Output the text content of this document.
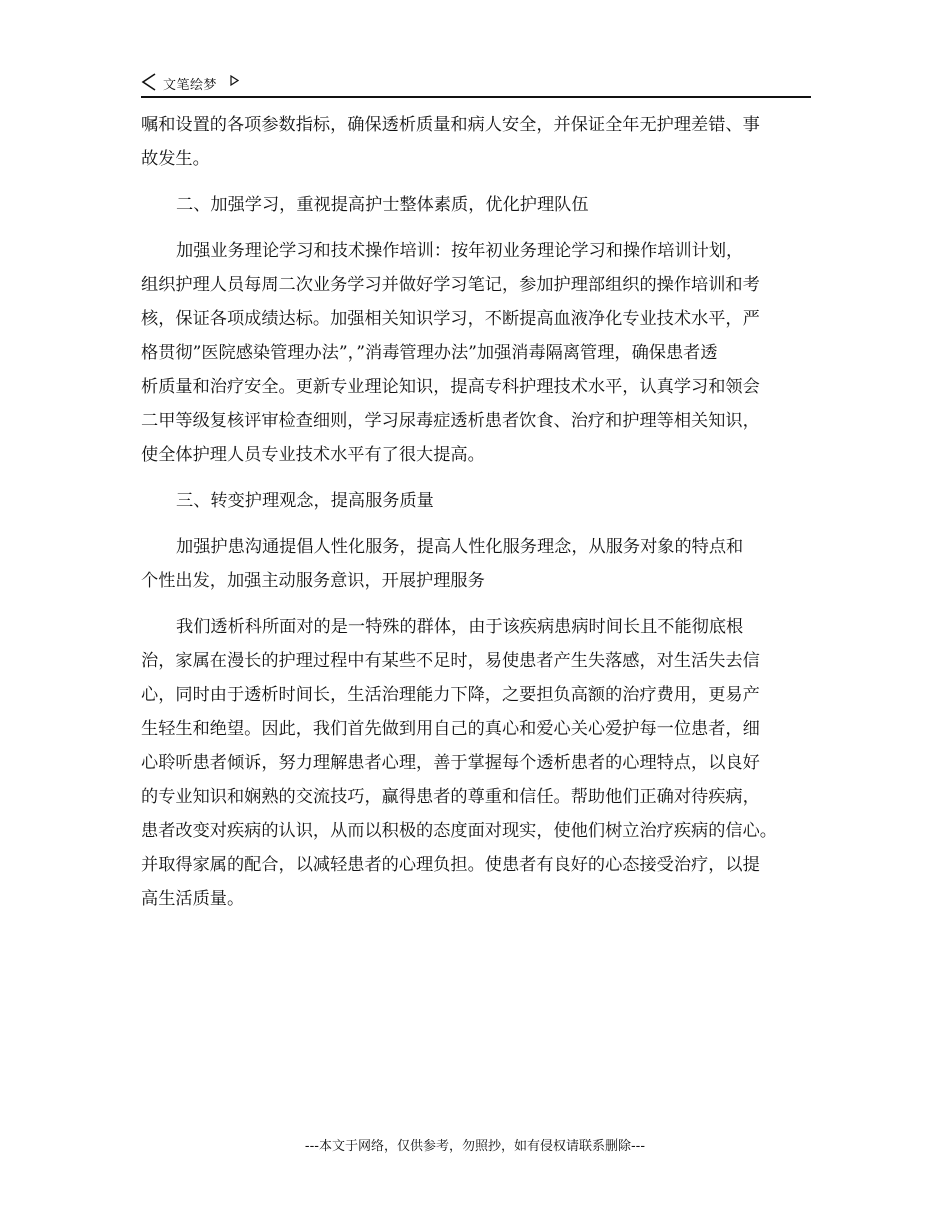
文笔绘梦
嘱和设置的各项参数指标，确保透析质量和病人安全，并保证全年无护理差错、事
故发生。
二、加强学习，重视提高护士整体素质，优化护理队伍
加强业务理论学习和技术操作培训：按年初业务理论学习和操作培训计划，
组织护理人员每周二次业务学习并做好学习笔记，参加护理部组织的操作培训和考
核，保证各项成绩达标。加强相关知识学习，不断提高血液净化专业技术水平，严
格贯彻”医院感染管理办法”，”消毒管理办法”加强消毒隔离管理，确保患者透
析质量和治疗安全。更新专业理论知识，提高专科护理技术水平，认真学习和领会
二甲等级复核评审检查细则，学习尿毒症透析患者饮食、治疗和护理等相关知识，
使全体护理人员专业技术水平有了很大提高。
三、转变护理观念，提高服务质量
加强护患沟通提倡人性化服务，提高人性化服务理念，从服务对象的特点和
个性出发，加强主动服务意识，开展护理服务
我们透析科所面对的是一特殊的群体，由于该疾病患病时间长且不能彻底根
治，家属在漫长的护理过程中有某些不足时，易使患者产生失落感，对生活失去信
心，同时由于透析时间长，生活治理能力下降，之要担负高额的治疗费用，更易产
生轻生和绝望。因此，我们首先做到用自己的真心和爱心关心爱护每一位患者，细
心聆听患者倾诉，努力理解患者心理，善于掌握每个透析患者的心理特点，以良好
的专业知识和娴熟的交流技巧，赢得患者的尊重和信任。帮助他们正确对待疾病，
患者改变对疾病的认识，从而以积极的态度面对现实，使他们树立治疗疾病的信心。
并取得家属的配合，以减轻患者的心理负担。使患者有良好的心态接受治疗，以提
高生活质量。
---本文于网络，仅供参考，勿照抄，如有侵权请联系删除---
